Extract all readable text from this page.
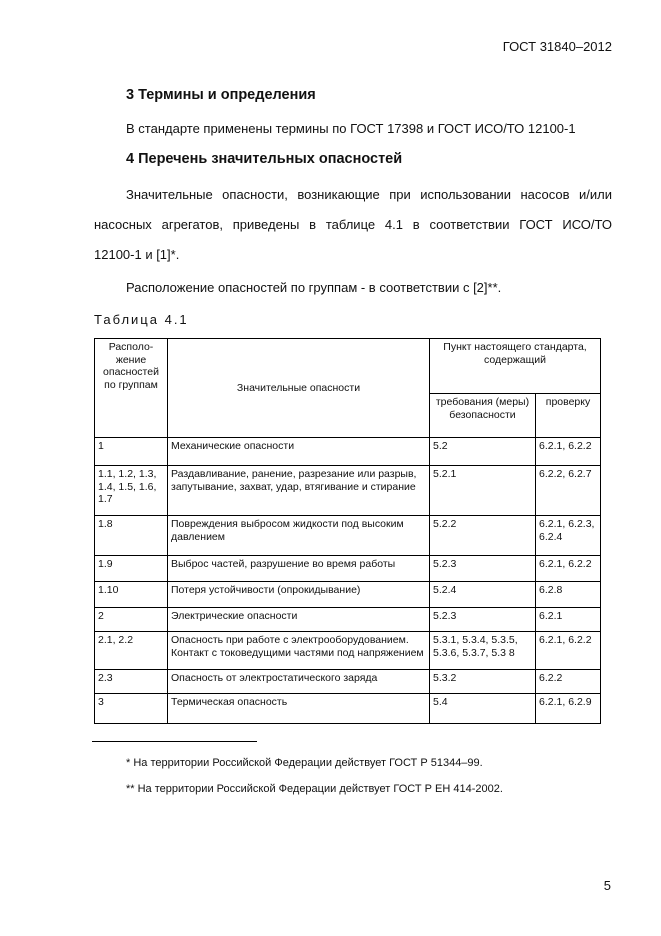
ГОСТ 31840–2012
3 Термины и определения
В стандарте применены термины по ГОСТ 17398 и ГОСТ ИСО/ТО 12100-1
4 Перечень значительных опасностей
Значительные опасности, возникающие при использовании насосов и/или
насосных агрегатов, приведены в таблице 4.1 в соответствии ГОСТ ИСО/ТО
12100-1 и [1]*.
Расположение опасностей по группам - в соответствии с [2]**.
Таблица 4.1
Располо-жение опасностей по группам	Значительные опасности	Пункт настоящего стандарта, содержащий	
		требования (меры) безопасности	проверку
1	Механические опасности	5.2	6.2.1, 6.2.2
1.1, 1.2, 1.3, 1.4, 1.5, 1.6, 1.7	Раздавливание, ранение, разрезание или разрыв, запутывание, захват, удар, втягивание и стирание	5.2.1	6.2.2, 6.2.7
1.8	Повреждения выбросом жидкости под высоким давлением	5.2.2	6.2.1, 6.2.3, 6.2.4
1.9	Выброс частей, разрушение во время работы	5.2.3	6.2.1, 6.2.2
1.10	Потеря устойчивости (опрокидывание)	5.2.4	6.2.8
2	Электрические опасности	5.2.3	6.2.1
2.1, 2.2	Опасность при работе с электрооборудованием. Контакт с токоведущими частями под напряжением	5.3.1, 5.3.4, 5.3.5, 5.3.6, 5.3.7, 5.3 8	6.2.1, 6.2.2
2.3	Опасность от электростатического заряда	5.3.2	6.2.2
3	Термическая опасность	5.4	6.2.1, 6.2.9
* На территории Российской Федерации действует ГОСТ Р 51344–99.
** На территории Российской Федерации действует ГОСТ Р ЕН 414-2002.
5
